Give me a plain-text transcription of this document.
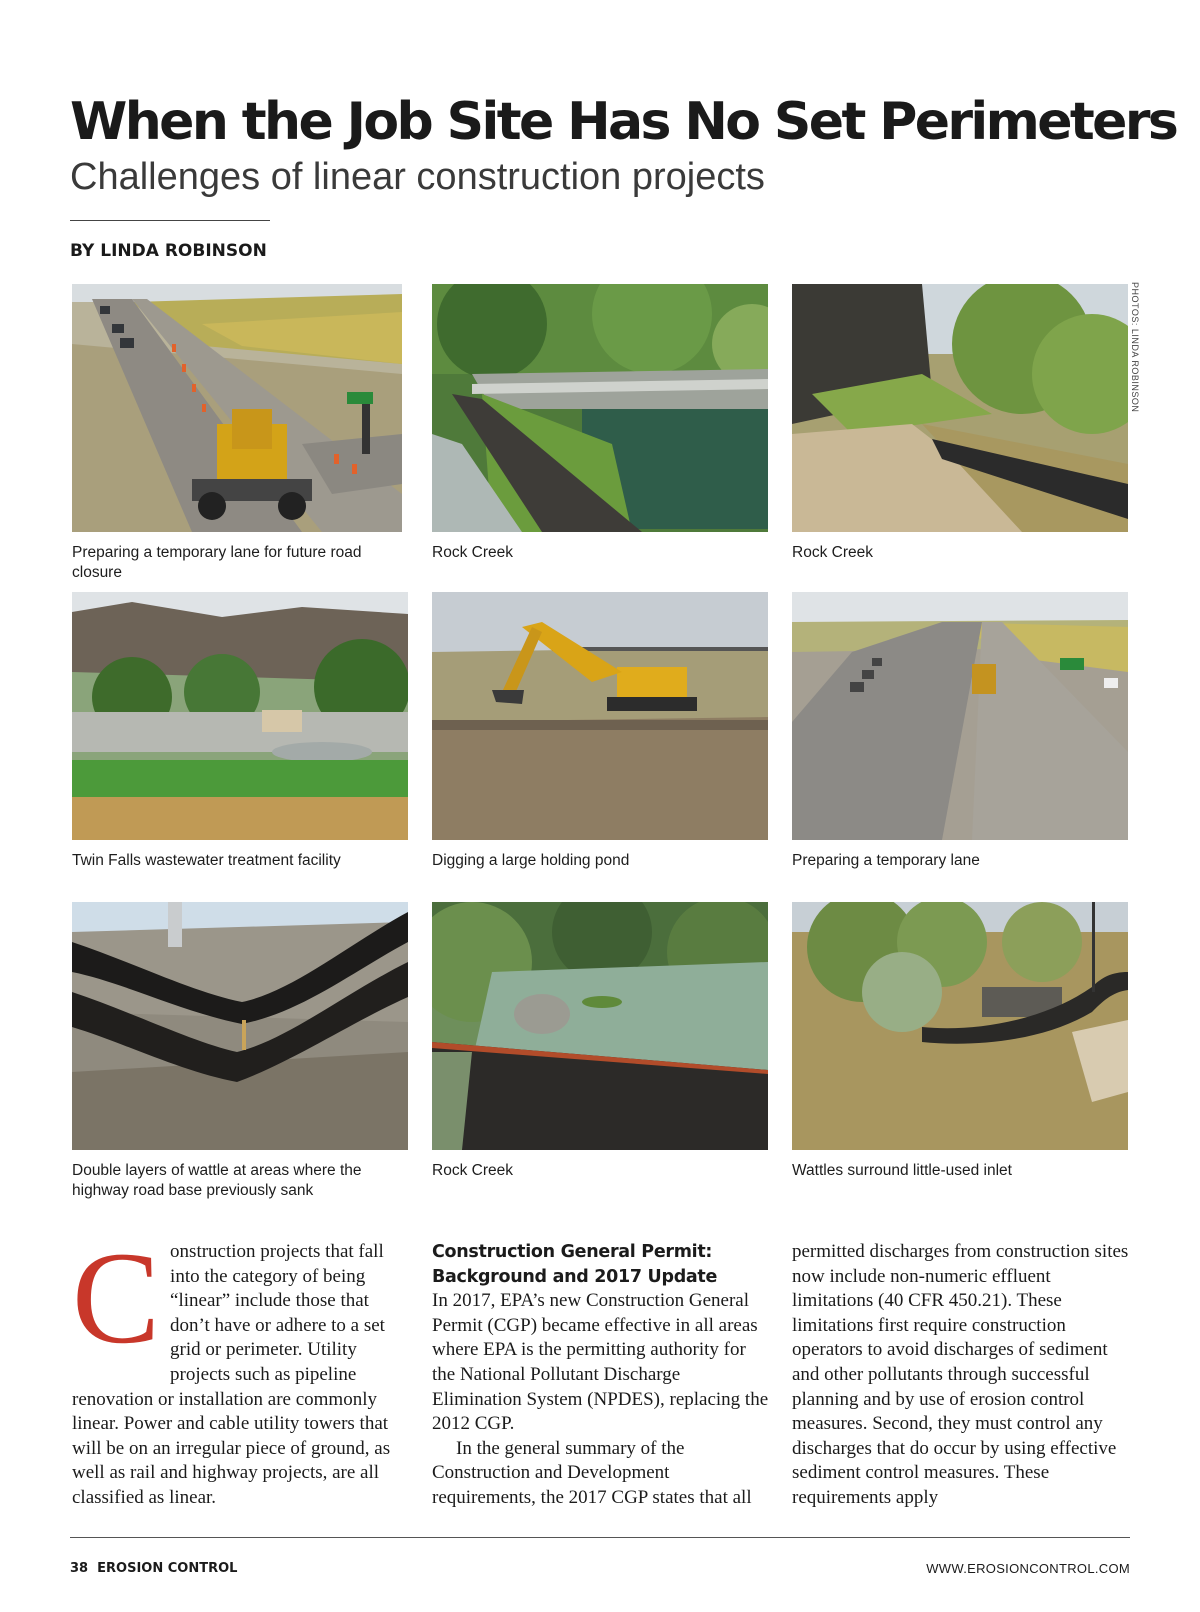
When the Job Site Has No Set Perimeters
Challenges of linear construction projects
BY LINDA ROBINSON
PHOTOS: LINDA ROBINSON
Preparing a temporary lane for future road closure
Rock Creek	Rock Creek
Twin Falls wastewater treatment facility	Digging a large holding pond	Preparing a temporary lane
Double layers of wattle at areas where the highway road base previously sank
Rock Creek	Wattles surround little-used inlet

Construction projects that fall into the category of being “linear” include those that don’t have or adhere to a set grid or perimeter. Utility projects such as pipeline renovation or installation are commonly linear. Power and cable utility towers that will be on an irregular piece of ground, as well as rail and highway projects, are all classified as linear.

Construction General Permit: Background and 2017 Update

In 2017, EPA’s new Construction General Permit (CGP) became effective in all areas where EPA is the permitting authority for the National Pollutant Discharge Elimination System (NPDES), replacing the 2012 CGP.

In the general summary of the Construction and Development requirements, the 2017 CGP states that all

permitted discharges from construction sites now include non-numeric effluent limitations (40 CFR 450.21). These limitations first require construction operators to avoid discharges of sediment and other pollutants through successful planning and by use of erosion control measures. Second, they must control any discharges that do occur by using effective sediment control measures. These requirements apply

38 EROSION CONTROL	WWW.EROSIONCONTROL.COM
